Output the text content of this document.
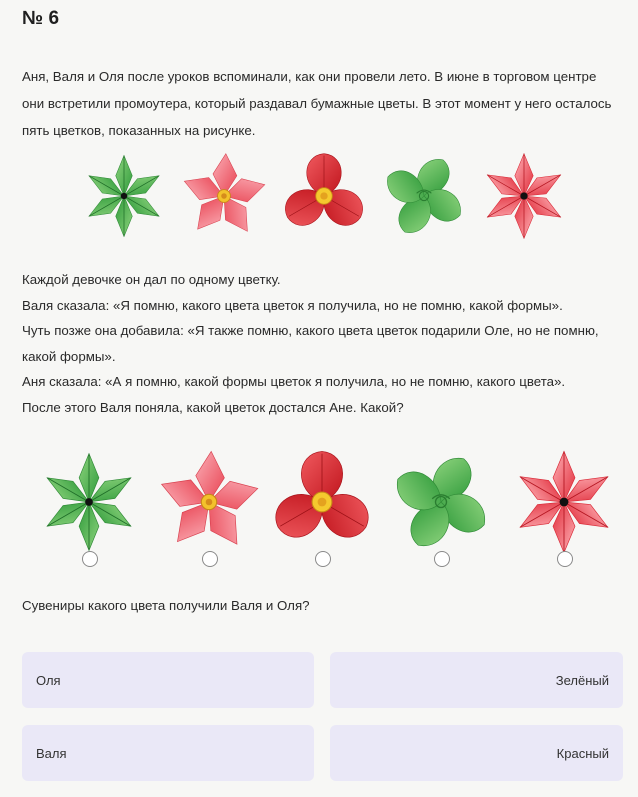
№ 6
Аня, Валя и Оля после уроков вспоминали, как они провели лето. В июне в торговом центре они встретили промоутера, который раздавал бумажные цветы. В этот момент у него осталось пять цветков, показанных на рисунке.

Каждой девочке он дал по одному цветку.

Валя сказала: «Я помню, какого цвета цветок я получила, но не помню, какой формы».

Чуть позже она добавила: «Я также помню, какого цвета цветок подарили Оле, но не помню, какой формы».

Аня сказала: «А я помню, какой формы цветок я получила, но не помню, какого цвета».

После этого Валя поняла, какой цветок достался Ане. Какой?

Сувениры какого цвета получили Валя и Оля?
Оля	Зелёный
Валя	Красный
